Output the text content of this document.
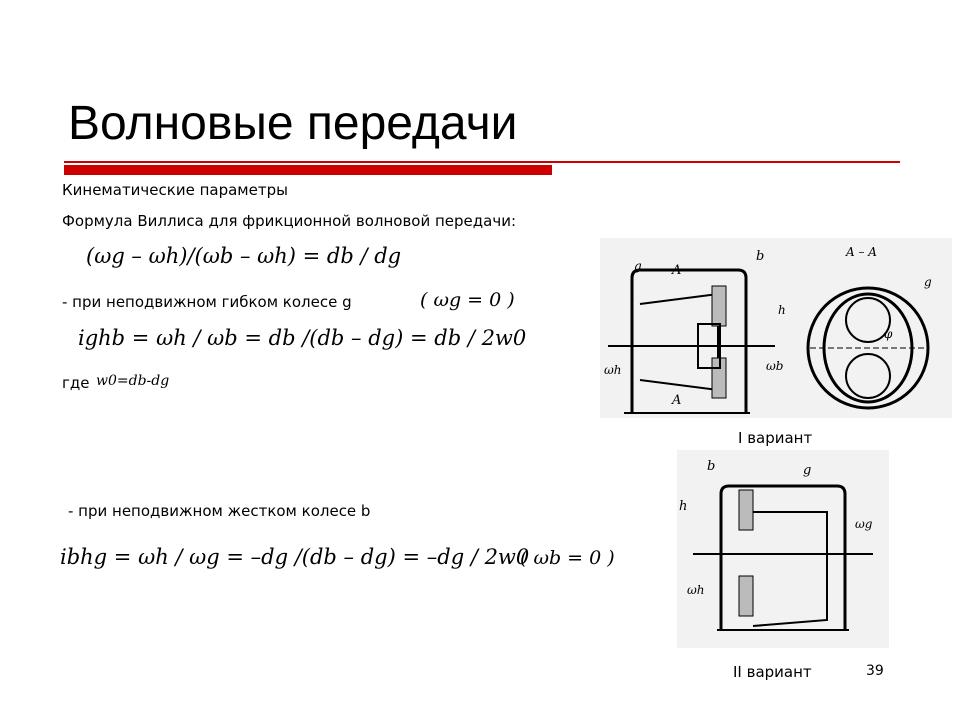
Волновые передачи
Кинематические параметры
Формула Виллиса для фрикционной волновой передачи:
(ωg – ωh)/(ωb – ωh) = db / dg
- при неподвижном гибком колесе g	( ωg = 0 )
ighb = ωh / ωb = db /(db – dg) = db / 2w0
где w0=db-dg
- при неподвижном жестком колесе b
ibhg = ωh / ωg = –dg /(db – dg) = –dg / 2w0
( ωb = 0 )
g A
b
h
ωh	ωb
A
A – A
g
φ
I вариант
b	g
h
ωg
ωh
II вариант	39
